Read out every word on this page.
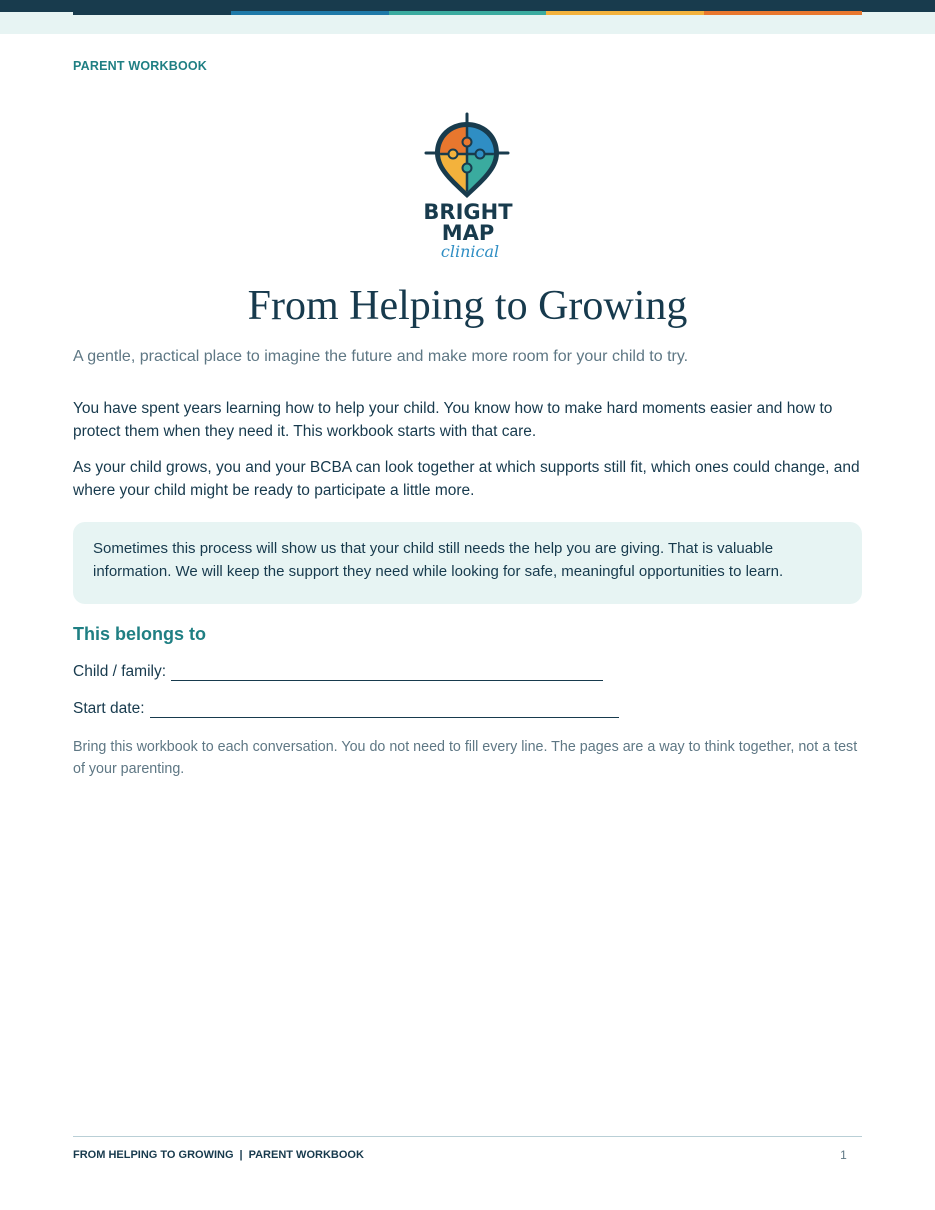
PARENT WORKBOOK
BRIGHT
MAP
clinical
From Helping to Growing

A gentle, practical place to imagine the future and make more room for your child to try.

You have spent years learning how to help your child. You know how to make hard moments easier and how to protect them when they need it. This workbook starts with that care.

As your child grows, you and your BCBA can look together at which supports still fit, which ones could change, and where your child might be ready to participate a little more.

Sometimes this process will show us that your child still needs the help you are giving. That is valuable information. We will keep the support they need while looking for safe, meaningful opportunities to learn.
This belongs to
Child / family:
Start date:

Bring this workbook to each conversation. You do not need to fill every line. The pages are a way to think together, not a test of your parenting.

FROM HELPING TO GROWING | PARENT WORKBOOK	1
